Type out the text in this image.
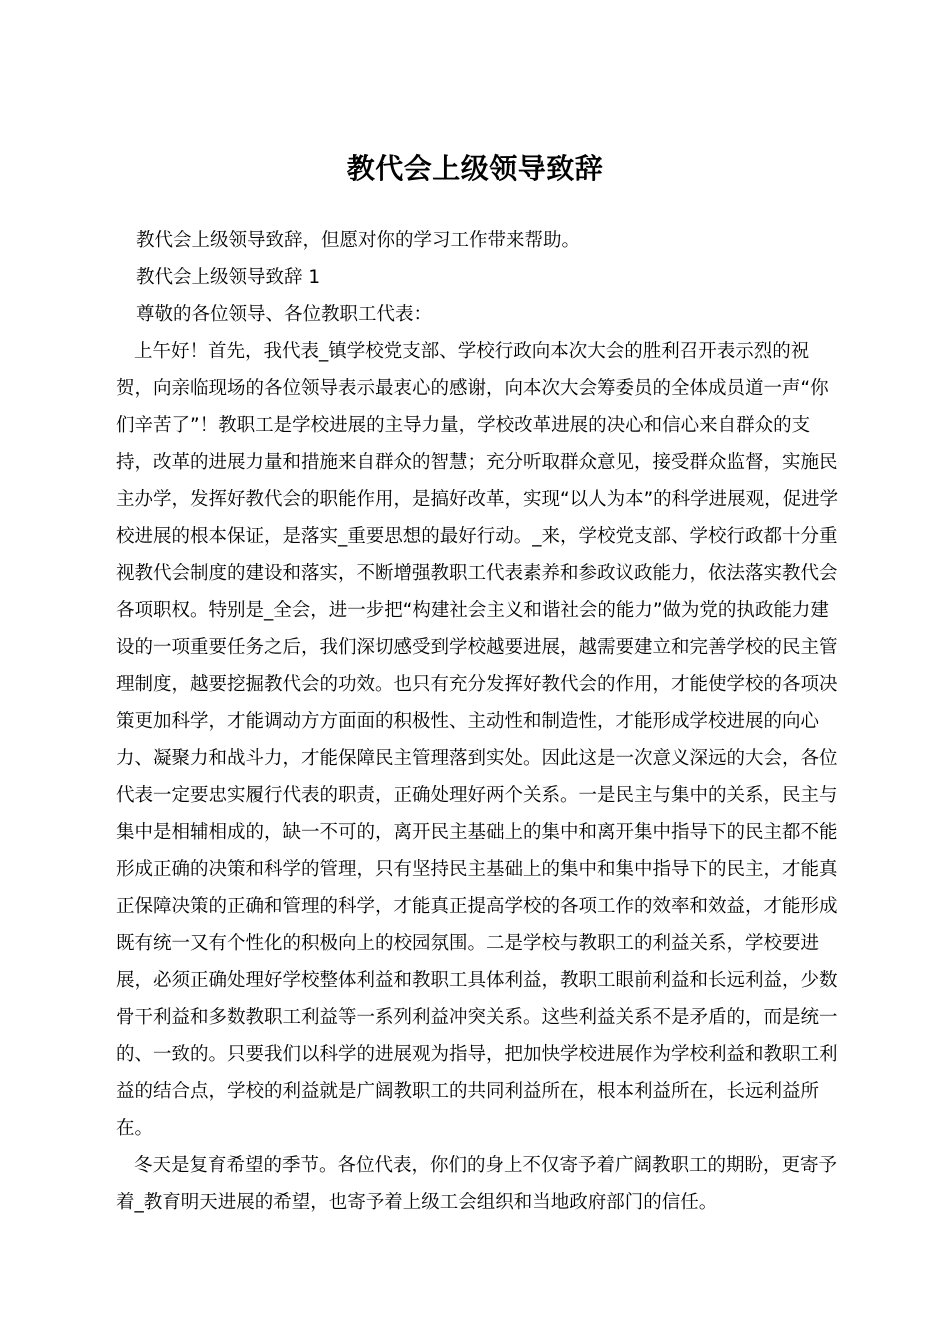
教代会上级领导致辞

教代会上级领导致辞，但愿对你的学习工作带来帮助。

教代会上级领导致辞 1

尊敬的各位领导、各位教职工代表：

上午好！首先，我代表_镇学校党支部、学校行政向本次大会的胜利召开表示烈的祝贺，向亲临现场的各位领导表示最衷心的感谢，向本次大会筹委员的全体成员道一声“你们辛苦了”！教职工是学校进展的主导力量，学校改革进展的决心和信心来自群众的支持，改革的进展力量和措施来自群众的智慧；充分听取群众意见，接受群众监督，实施民主办学，发挥好教代会的职能作用，是搞好改革，实现“以人为本”的科学进展观，促进学校进展的根本保证，是落实_重要思想的最好行动。_来，学校党支部、学校行政都十分重视教代会制度的建设和落实，不断增强教职工代表素养和参政议政能力，依法落实教代会各项职权。特别是_全会，进一步把“构建社会主义和谐社会的能力”做为党的执政能力建设的一项重要任务之后，我们深切感受到学校越要进展，越需要建立和完善学校的民主管理制度，越要挖掘教代会的功效。也只有充分发挥好教代会的作用，才能使学校的各项决策更加科学，才能调动方方面面的积极性、主动性和制造性，才能形成学校进展的向心力、凝聚力和战斗力，才能保障民主管理落到实处。因此这是一次意义深远的大会，各位代表一定要忠实履行代表的职责，正确处理好两个关系。一是民主与集中的关系，民主与集中是相辅相成的，缺一不可的，离开民主基础上的集中和离开集中指导下的民主都不能形成正确的决策和科学的管理，只有坚持民主基础上的集中和集中指导下的民主，才能真正保障决策的正确和管理的科学，才能真正提高学校的各项工作的效率和效益，才能形成既有统一又有个性化的积极向上的校园氛围。二是学校与教职工的利益关系，学校要进展，必须正确处理好学校整体利益和教职工具体利益，教职工眼前利益和长远利益，少数骨干利益和多数教职工利益等一系列利益冲突关系。这些利益关系不是矛盾的，而是统一的、一致的。只要我们以科学的进展观为指导，把加快学校进展作为学校利益和教职工利益的结合点，学校的利益就是广阔教职工的共同利益所在，根本利益所在，长远利益所在。

冬天是复育希望的季节。各位代表，你们的身上不仅寄予着广阔教职工的期盼，更寄予着_教育明天进展的希望，也寄予着上级工会组织和当地政府部门的信任。
